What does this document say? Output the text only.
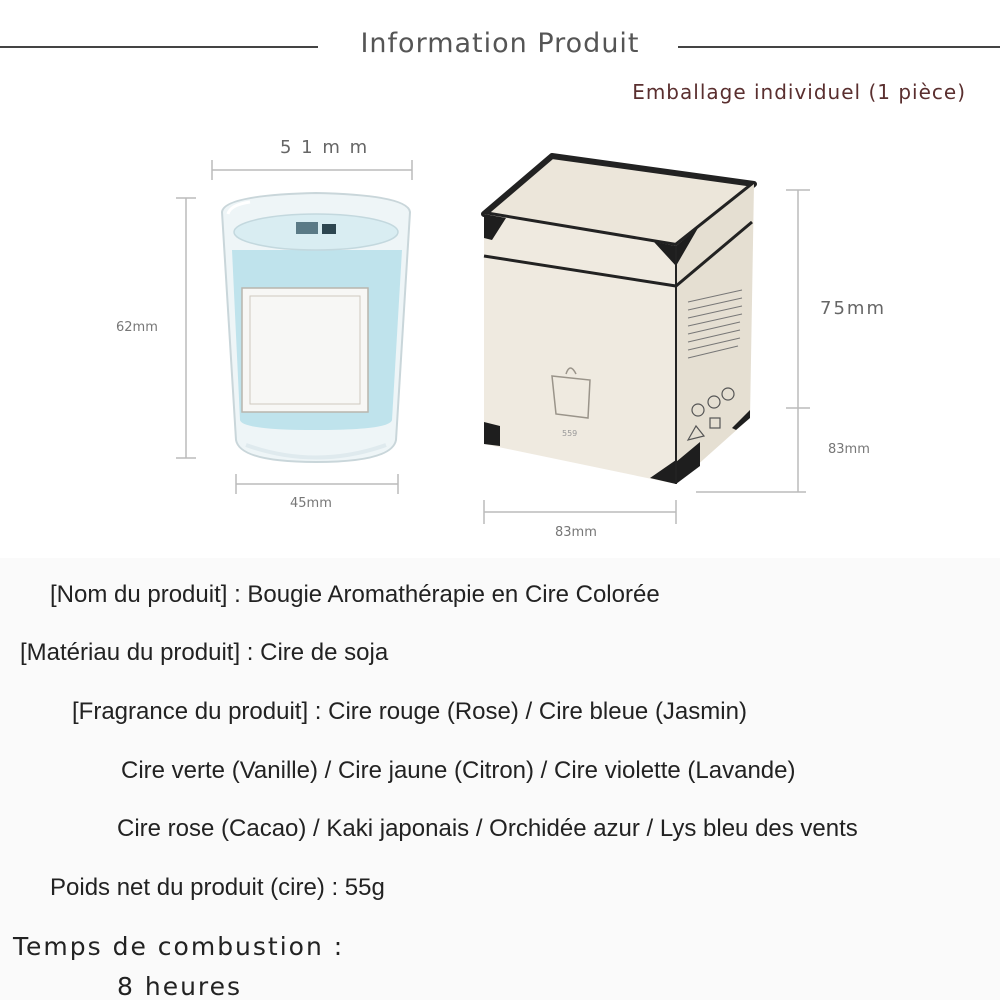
Information Produit
Emballage individuel (1 pièce)
559
5 1 m m
62mm
45mm
75mm
83mm
83mm
[Nom du produit] : Bougie Aromathérapie en Cire Colorée
[Matériau du produit] : Cire de soja
[Fragrance du produit] : Cire rouge (Rose) / Cire bleue (Jasmin)
Cire verte (Vanille) / Cire jaune (Citron) / Cire violette (Lavande)
Cire rose (Cacao) / Kaki japonais / Orchidée azur / Lys bleu des vents
Poids net du produit (cire) : 55g
Temps de combustion :
8 heures
